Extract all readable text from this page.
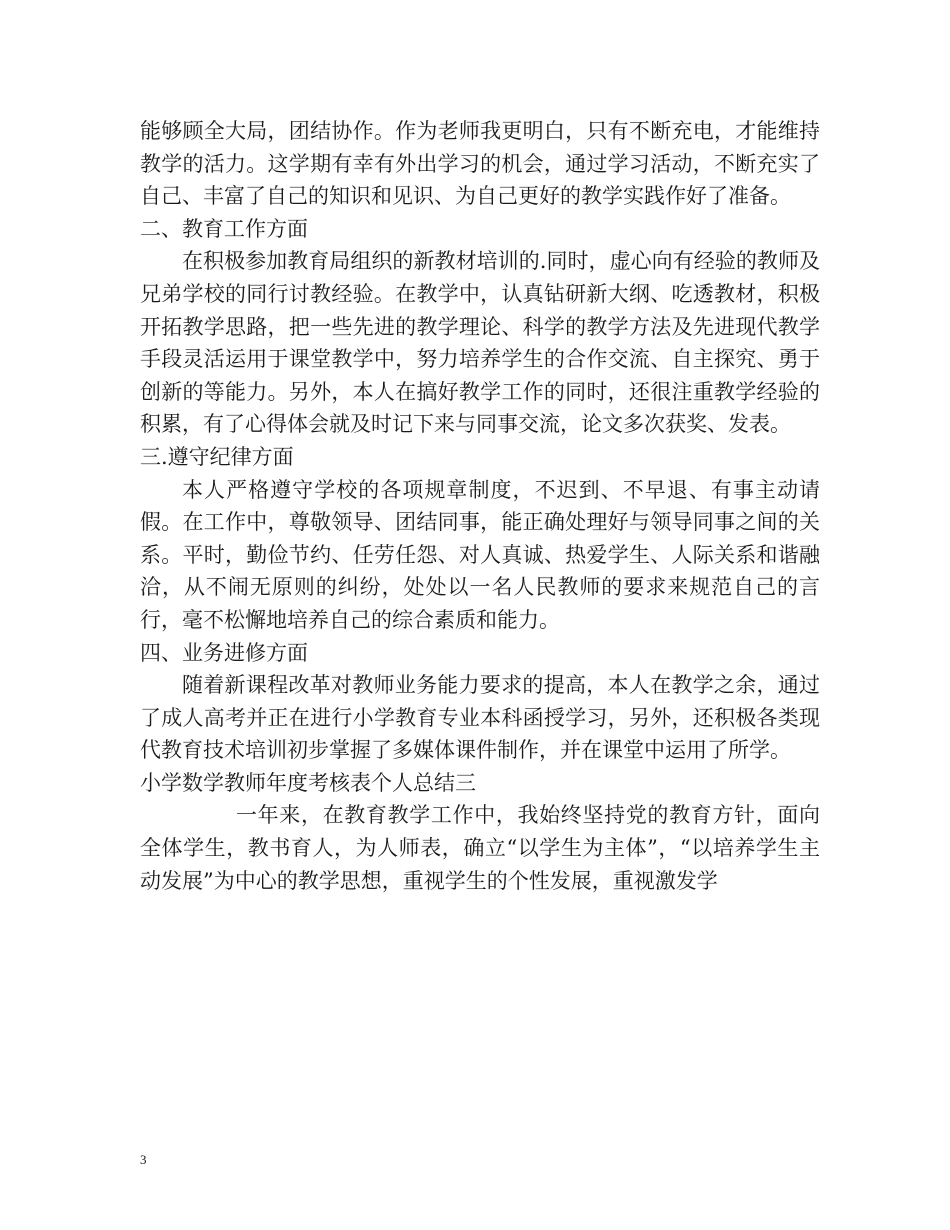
能够顾全大局，团结协作。作为老师我更明白，只有不断充电，才能维持教学的活力。这学期有幸有外出学习的机会，通过学习活动，不断充实了自己、丰富了自己的知识和见识、为自己更好的教学实践作好了准备。

二、教育工作方面

在积极参加教育局组织的新教材培训的.同时，虚心向有经验的教师及兄弟学校的同行讨教经验。在教学中，认真钻研新大纲、吃透教材，积极开拓教学思路，把一些先进的教学理论、科学的教学方法及先进现代教学手段灵活运用于课堂教学中，努力培养学生的合作交流、自主探究、勇于创新的等能力。另外，本人在搞好教学工作的同时，还很注重教学经验的积累，有了心得体会就及时记下来与同事交流，论文多次获奖、发表。

三.遵守纪律方面

本人严格遵守学校的各项规章制度，不迟到、不早退、有事主动请假。在工作中，尊敬领导、团结同事，能正确处理好与领导同事之间的关系。平时，勤俭节约、任劳任怨、对人真诚、热爱学生、人际关系和谐融洽，从不闹无原则的纠纷，处处以一名人民教师的要求来规范自己的言行，毫不松懈地培养自己的综合素质和能力。

四、业务进修方面

随着新课程改革对教师业务能力要求的提高，本人在教学之余，通过了成人高考并正在进行小学教育专业本科函授学习，另外，还积极各类现代教育技术培训初步掌握了多媒体课件制作，并在课堂中运用了所学。

小学数学教师年度考核表个人总结三

一年来，在教育教学工作中，我始终坚持党的教育方针，面向全体学生，教书育人，为人师表，确立“以学生为主体”，“以培养学生主动发展”为中心的教学思想，重视学生的个性发展，重视激发学

3
